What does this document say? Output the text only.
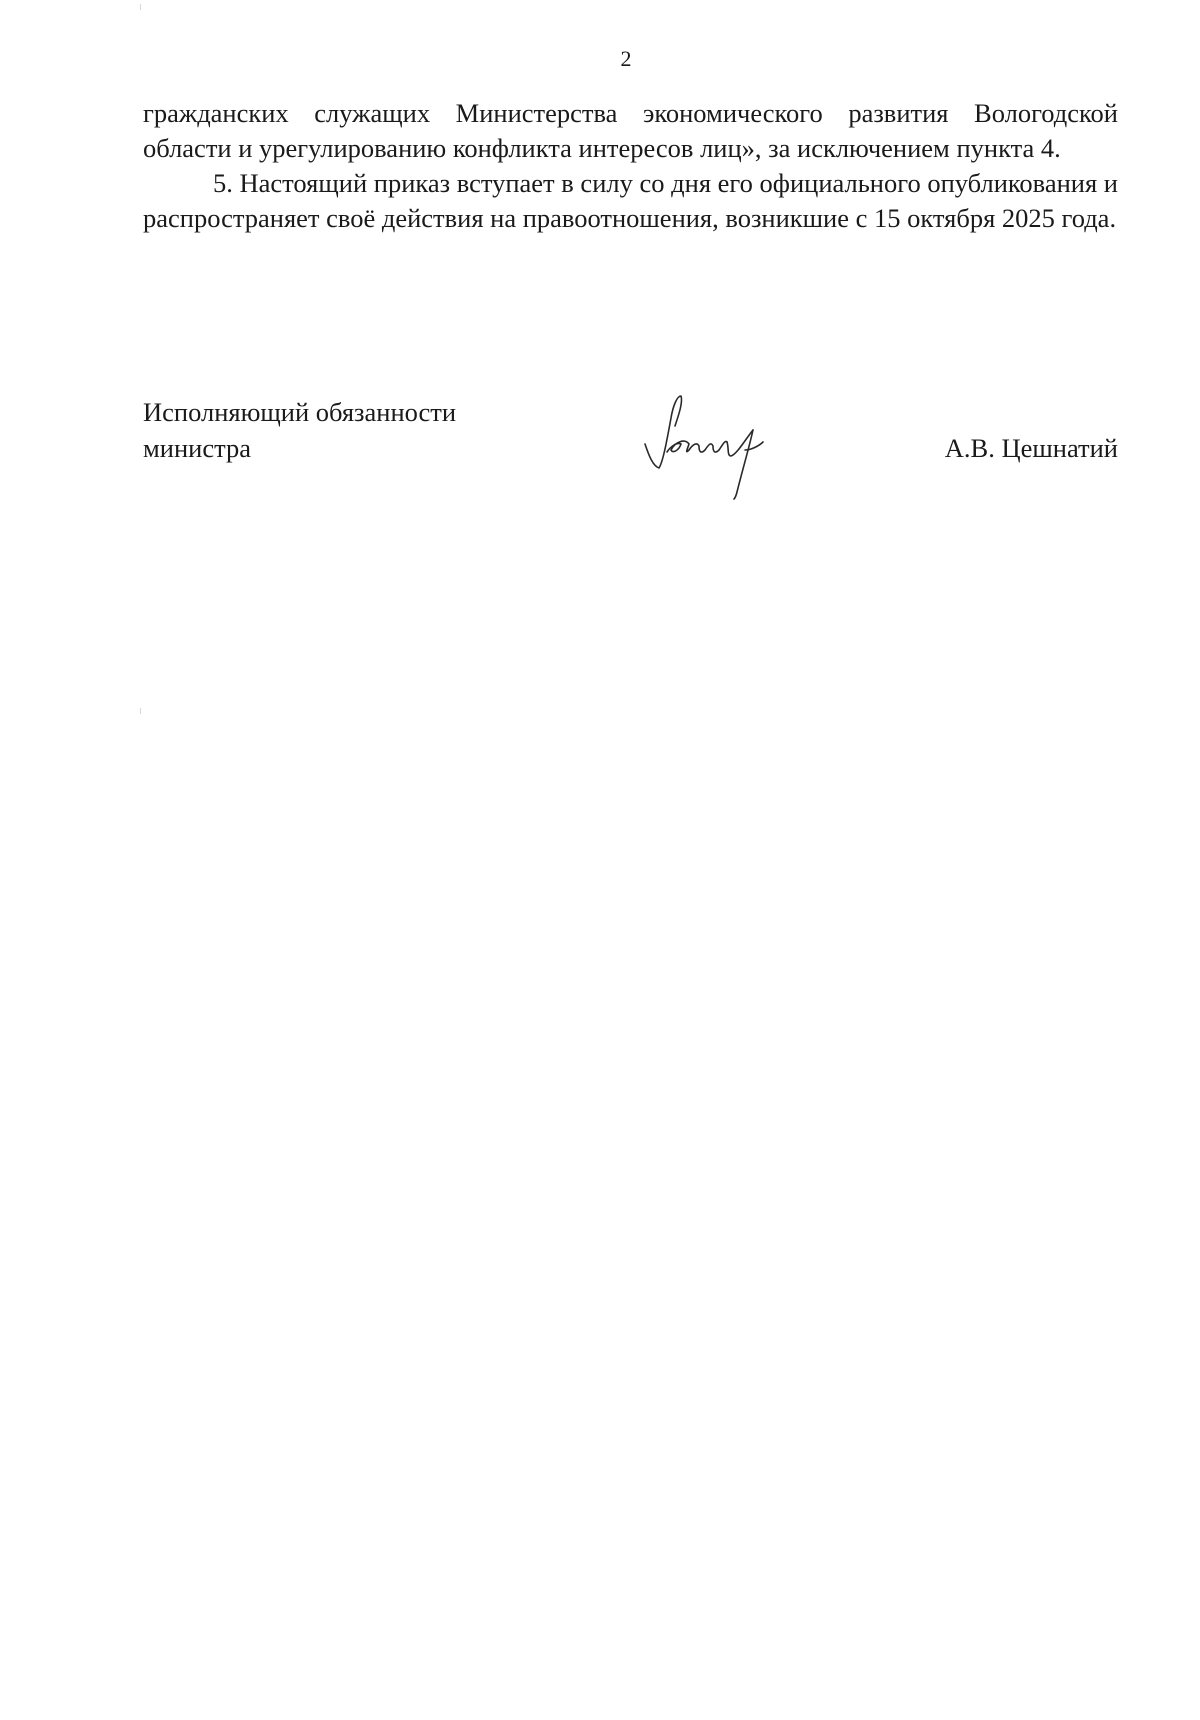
2

гражданских служащих Министерства экономического развития Вологодской области и урегулированию конфликта интересов лиц», за исключением пункта 4.

5. Настоящий приказ вступает в силу со дня его официального опубликования и распространяет своё действия на правоотношения, возникшие с 15 октября 2025 года.

Исполняющий обязанности
министра	А.В. Цешнатий
